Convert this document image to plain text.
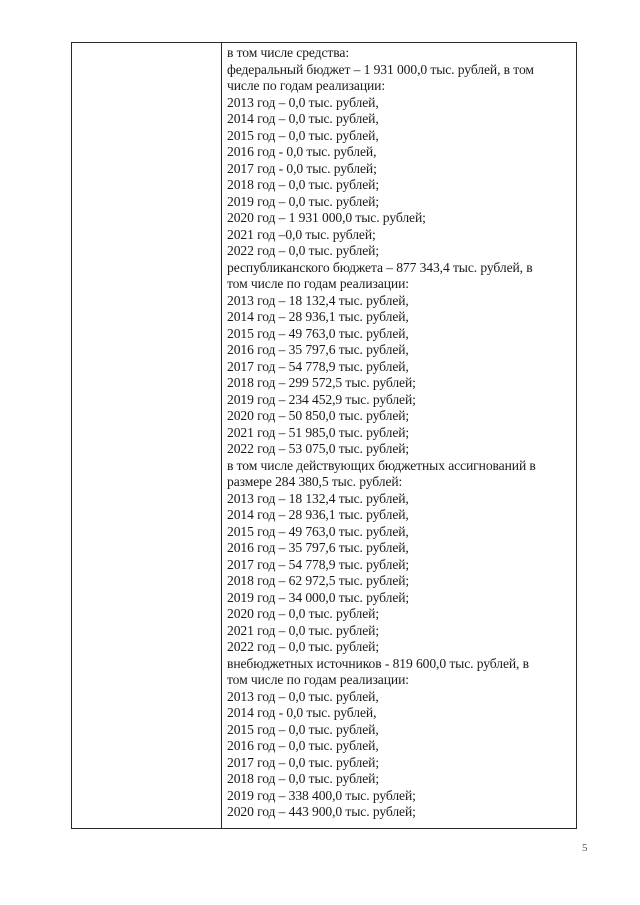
в том числе средства:
федеральный бюджет – 1 931 000,0 тыс. рублей, в том
числе по годам реализации:
2013 год – 0,0 тыс. рублей,
2014 год – 0,0 тыс. рублей,
2015 год – 0,0 тыс. рублей,
2016 год - 0,0 тыс. рублей,
2017 год - 0,0 тыс. рублей;
2018 год – 0,0 тыс. рублей;
2019 год – 0,0 тыс. рублей;
2020 год – 1 931 000,0 тыс. рублей;
2021 год –0,0 тыс. рублей;
2022 год – 0,0 тыс. рублей;
республиканского бюджета – 877 343,4 тыс. рублей, в
том числе по годам реализации:
2013 год – 18 132,4 тыс. рублей,
2014 год – 28 936,1 тыс. рублей,
2015 год – 49 763,0 тыс. рублей,
2016 год – 35 797,6 тыс. рублей,
2017 год – 54 778,9 тыс. рублей,
2018 год – 299 572,5 тыс. рублей;
2019 год – 234 452,9 тыс. рублей;
2020 год – 50 850,0 тыс. рублей;
2021 год – 51 985,0 тыс. рублей;
2022 год – 53 075,0 тыс. рублей;
в том числе действующих бюджетных ассигнований в
размере 284 380,5 тыс. рублей:
2013 год – 18 132,4 тыс. рублей,
2014 год – 28 936,1 тыс. рублей,
2015 год – 49 763,0 тыс. рублей,
2016 год – 35 797,6 тыс. рублей,
2017 год – 54 778,9 тыс. рублей;
2018 год – 62 972,5 тыс. рублей;
2019 год – 34 000,0 тыс. рублей;
2020 год – 0,0 тыс. рублей;
2021 год – 0,0 тыс. рублей;
2022 год – 0,0 тыс. рублей;
внебюджетных источников - 819 600,0 тыс. рублей, в
том числе по годам реализации:
2013 год – 0,0 тыс. рублей,
2014 год - 0,0 тыс. рублей,
2015 год – 0,0 тыс. рублей,
2016 год – 0,0 тыс. рублей,
2017 год – 0,0 тыс. рублей;
2018 год – 0,0 тыс. рублей;
2019 год – 338 400,0 тыс. рублей;
2020 год – 443 900,0 тыс. рублей;
5
